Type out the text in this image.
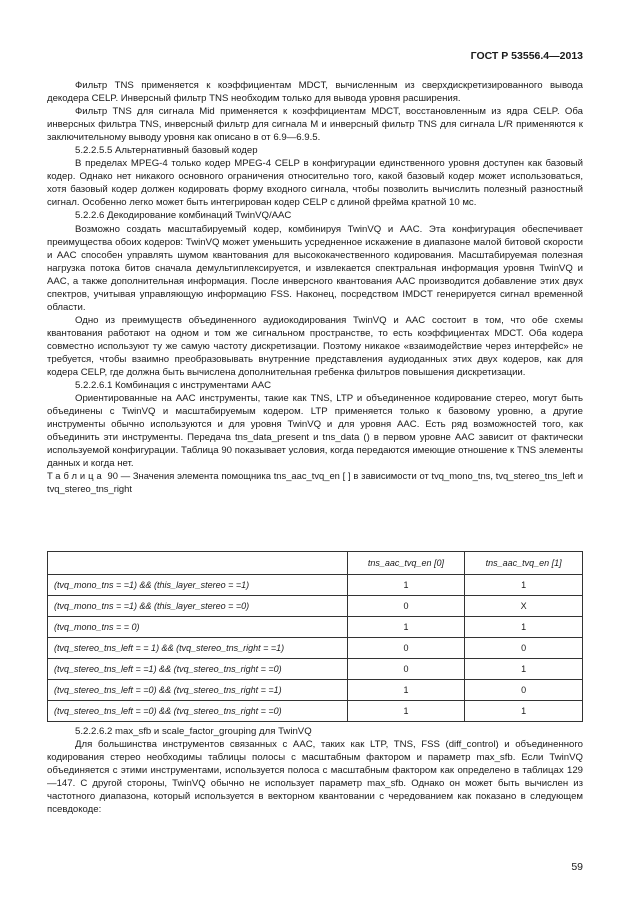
ГОСТ Р 53556.4—2013

Фильтр TNS применяется к коэффициентам MDCT, вычисленным из сверхдискретизированного вывода декодера CELP. Инверсный фильтр TNS необходим только для вывода уровня расширения.

Фильтр TNS для сигнала Mid применяется к коэффициентам MDCT, восстановленным из ядра CELP. Оба инверсных фильтра TNS, инверсный фильтр для сигнала M и инверсный фильтр TNS для сигнала L/R применяются к заключительному выводу уровня как описано в от 6.9—6.9.5.

5.2.2.5.5 Альтернативный базовый кодер

В пределах MPEG-4 только кодер MPEG-4 CELP в конфигурации единственного уровня доступен как базовый кодер. Однако нет никакого основного ограничения относительно того, какой базовый кодер может использоваться, хотя базовый кодер должен кодировать форму входного сигнала, чтобы позволить вычислить полезный разностный сигнал. Особенно легко может быть интегрирован кодер CELP с длиной фрейма кратной 10 мс.

5.2.2.6 Декодирование комбинаций TwinVQ/AAC

Возможно создать масштабируемый кодер, комбинируя TwinVQ и AAC. Эта конфигурация обеспечивает преимущества обоих кодеров: TwinVQ может уменьшить усредненное искажение в диапазоне малой битовой скорости и AAC способен управлять шумом квантования для высококачественного кодирования. Масштабируемая полезная нагрузка потока битов сначала демультиплексируется, и извлекается спектральная информация уровня TwinVQ и AAC, а также дополнительная информация. После инверсного квантования AAC производится добавление этих двух спектров, учитывая управляющую информацию FSS. Наконец, посредством IMDCT генерируется сигнал временной области.

Одно из преимуществ объединенного аудиокодирования TwinVQ и AAC состоит в том, что обе схемы квантования работают на одном и том же сигнальном пространстве, то есть коэффициентах MDCT. Оба кодера совместно используют ту же самую частоту дискретизации. Поэтому никакое «взаимодействие через интерфейс» не требуется, чтобы взаимно преобразовывать внутренние представления аудиоданных этих двух кодеров, как для кодера CELP, где должна быть вычислена дополнительная гребенка фильтров повышения дискретизации.

5.2.2.6.1 Комбинация с инструментами AAC

Ориентированные на AAC инструменты, такие как TNS, LTP и объединенное кодирование стерео, могут быть объединены с TwinVQ и масштабируемым кодером. LTP применяется только к базовому уровню, а другие инструменты обычно используются и для уровня TwinVQ и для уровня AAC. Есть ряд возможностей того, как объединить эти инструменты. Передача tns_data_present и tns_data () в первом уровне AAC зависит от фактически используемой конфигурации. Таблица 90 показывает условия, когда передаются имеющие отношение к TNS элементы данных и когда нет.

Таблица 90 — Значения элемента помощника tns_aac_tvq_en [ ] в зависимости от tvq_mono_tns, tvq_stereo_tns_left и tvq_stereo_tns_right

	tns_aac_tvq_en [0]	tns_aac_tvq_en [1]
(tvq_mono_tns = =1) && (this_layer_stereo = =1)	1	1
(tvq_mono_tns = =1) && (this_layer_stereo = =0)	0	X
(tvq_mono_tns = = 0)	1	1
(tvq_stereo_tns_left = = 1) && (tvq_stereo_tns_right = =1)	0	0
(tvq_stereo_tns_left = =1) && (tvq_stereo_tns_right = =0)	0	1
(tvq_stereo_tns_left = =0) && (tvq_stereo_tns_right = =1)	1	0
(tvq_stereo_tns_left = =0) && (tvq_stereo_tns_right = =0)	1	1

5.2.2.6.2 max_sfb и scale_factor_grouping для TwinVQ

Для большинства инструментов связанных с AAC, таких как LTP, TNS, FSS (diff_control) и объединенного кодирования стерео необходимы таблицы полосы с масштабным фактором и параметр max_sfb. Если TwinVQ объединяется с этими инструментами, используется полоса с масштабным фактором как определено в таблицах 129—147. С другой стороны, TwinVQ обычно не использует параметр max_sfb. Однако он может быть вычислен из частотного диапазона, который используется в векторном квантовании с чередованием как показано в следующем псевдокоде:

59
